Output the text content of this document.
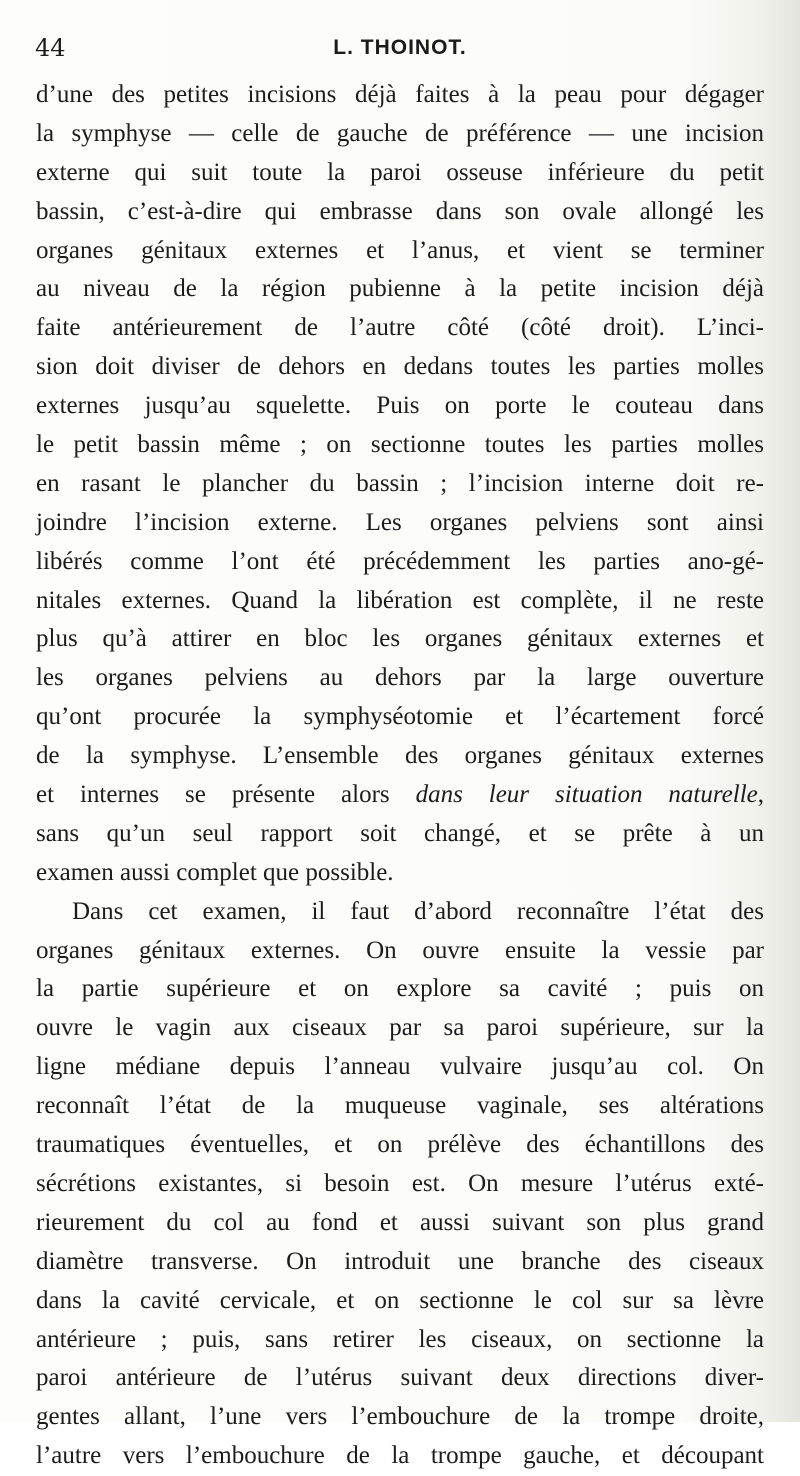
44	L. THOINOT.
d’une des petites incisions déjà faites à la peau pour dégager
la symphyse — celle de gauche de préférence — une incision
externe qui suit toute la paroi osseuse inférieure du petit
bassin, c’est-à-dire qui embrasse dans son ovale allongé les
organes génitaux externes et l’anus, et vient se terminer
au niveau de la région pubienne à la petite incision déjà
faite antérieurement de l’autre côté (côté droit). L’inci-
sion doit diviser de dehors en dedans toutes les parties molles
externes jusqu’au squelette. Puis on porte le couteau dans
le petit bassin même ; on sectionne toutes les parties molles
en rasant le plancher du bassin ; l’incision interne doit re-
joindre l’incision externe. Les organes pelviens sont ainsi
libérés comme l’ont été précédemment les parties ano-gé-
nitales externes. Quand la libération est complète, il ne reste
plus qu’à attirer en bloc les organes génitaux externes et
les organes pelviens au dehors par la large ouverture
qu’ont procurée la symphyséotomie et l’écartement forcé
de la symphyse. L’ensemble des organes génitaux externes
et internes se présente alors dans leur situation naturelle,
sans qu’un seul rapport soit changé, et se prête à un
examen aussi complet que possible.
Dans cet examen, il faut d’abord reconnaître l’état des
organes génitaux externes. On ouvre ensuite la vessie par
la partie supérieure et on explore sa cavité ; puis on
ouvre le vagin aux ciseaux par sa paroi supérieure, sur la
ligne médiane depuis l’anneau vulvaire jusqu’au col. On
reconnaît l’état de la muqueuse vaginale, ses altérations
traumatiques éventuelles, et on prélève des échantillons des
sécrétions existantes, si besoin est. On mesure l’utérus exté-
rieurement du col au fond et aussi suivant son plus grand
diamètre transverse. On introduit une branche des ciseaux
dans la cavité cervicale, et on sectionne le col sur sa lèvre
antérieure ; puis, sans retirer les ciseaux, on sectionne la
paroi antérieure de l’utérus suivant deux directions diver-
gentes allant, l’une vers l’embouchure de la trompe droite,
l’autre vers l’embouchure de la trompe gauche, et découpant
